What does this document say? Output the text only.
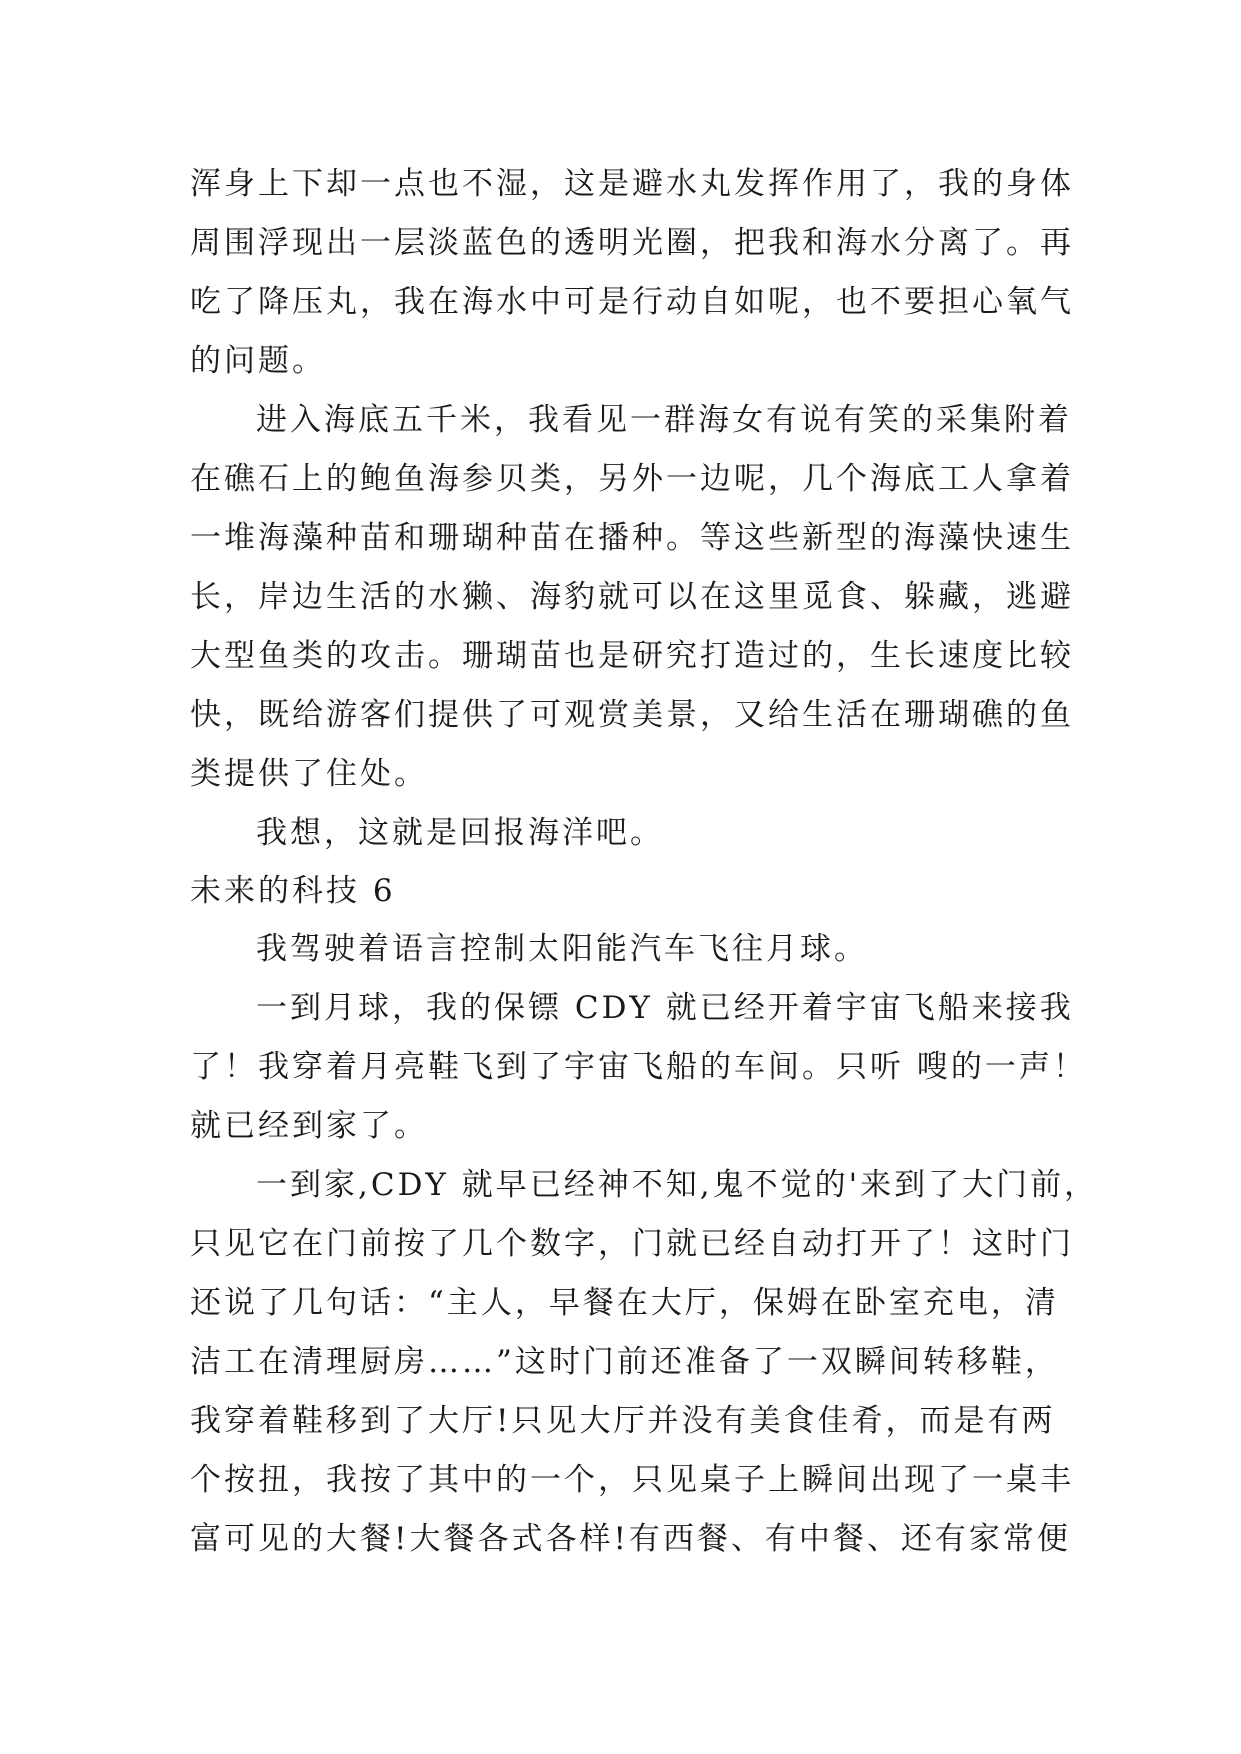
浑身上下却一点也不湿，这是避水丸发挥作用了，我的身体
周围浮现出一层淡蓝色的透明光圈，把我和海水分离了。再
吃了降压丸，我在海水中可是行动自如呢，也不要担心氧气
的问题。
进入海底五千米，我看见一群海女有说有笑的采集附着
在礁石上的鲍鱼海参贝类，另外一边呢，几个海底工人拿着
一堆海藻种苗和珊瑚种苗在播种。等这些新型的海藻快速生
长，岸边生活的水獭、海豹就可以在这里觅食、躲藏，逃避
大型鱼类的攻击。珊瑚苗也是研究打造过的，生长速度比较
快，既给游客们提供了可观赏美景，又给生活在珊瑚礁的鱼
类提供了住处。
我想，这就是回报海洋吧。
未来的科技 6
我驾驶着语言控制太阳能汽车飞往月球。
一到月球，我的保镖 CDY 就已经开着宇宙飞船来接我
了！我穿着月亮鞋飞到了宇宙飞船的车间。只听 嗖的一声！
就已经到家了。
一到家,CDY 就早已经神不知,鬼不觉的'来到了大门前，
只见它在门前按了几个数字，门就已经自动打开了！这时门
还说了几句话：“主人，早餐在大厅，保姆在卧室充电，清
洁工在清理厨房……”这时门前还准备了一双瞬间转移鞋，
我穿着鞋移到了大厅!只见大厅并没有美食佳肴，而是有两
个按扭，我按了其中的一个，只见桌子上瞬间出现了一桌丰
富可见的大餐!大餐各式各样!有西餐、有中餐、还有家常便
